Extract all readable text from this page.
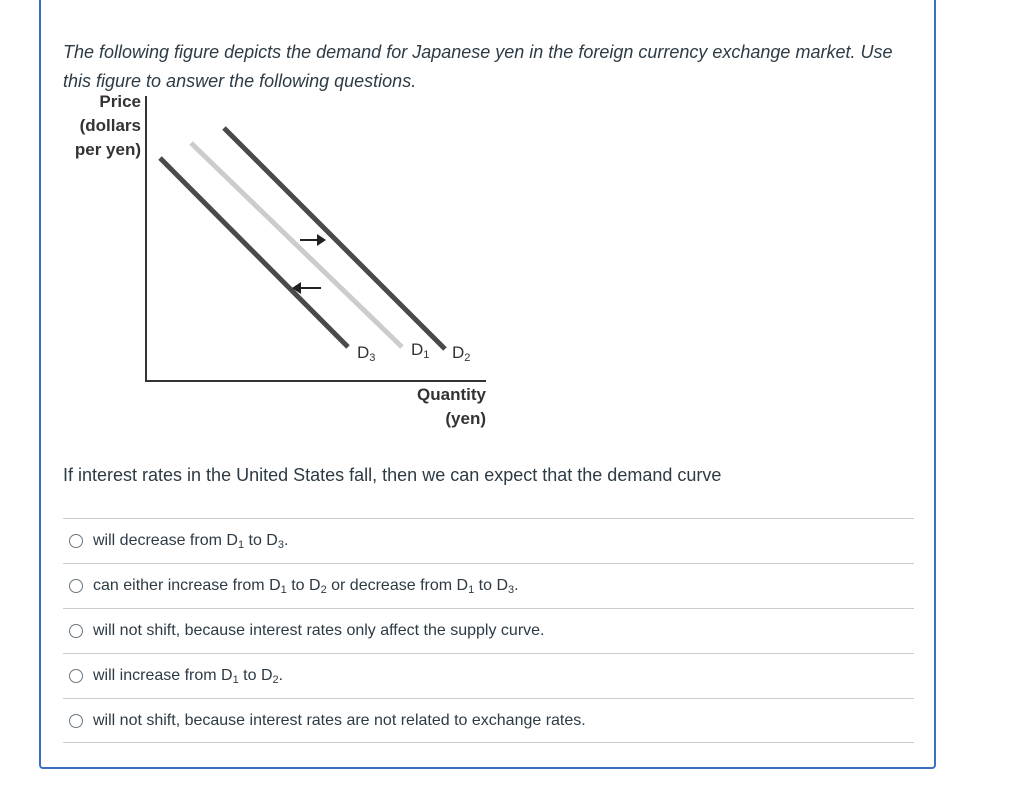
The following figure depicts the demand for Japanese yen in the foreign currency exchange market. Use this figure to answer the following questions.
Price
(dollars
per yen)
D3 D1 D2
Quantity
(yen)
If interest rates in the United States fall, then we can expect that the demand curve
will decrease from $D_1$ to $D_3$.
can either increase from $D_1$ to $D_2$ or decrease from $D_1$ to $D_3$.
will not shift, because interest rates only affect the supply curve.
will increase from $D_1$ to $D_2$.
will not shift, because interest rates are not related to exchange rates.
